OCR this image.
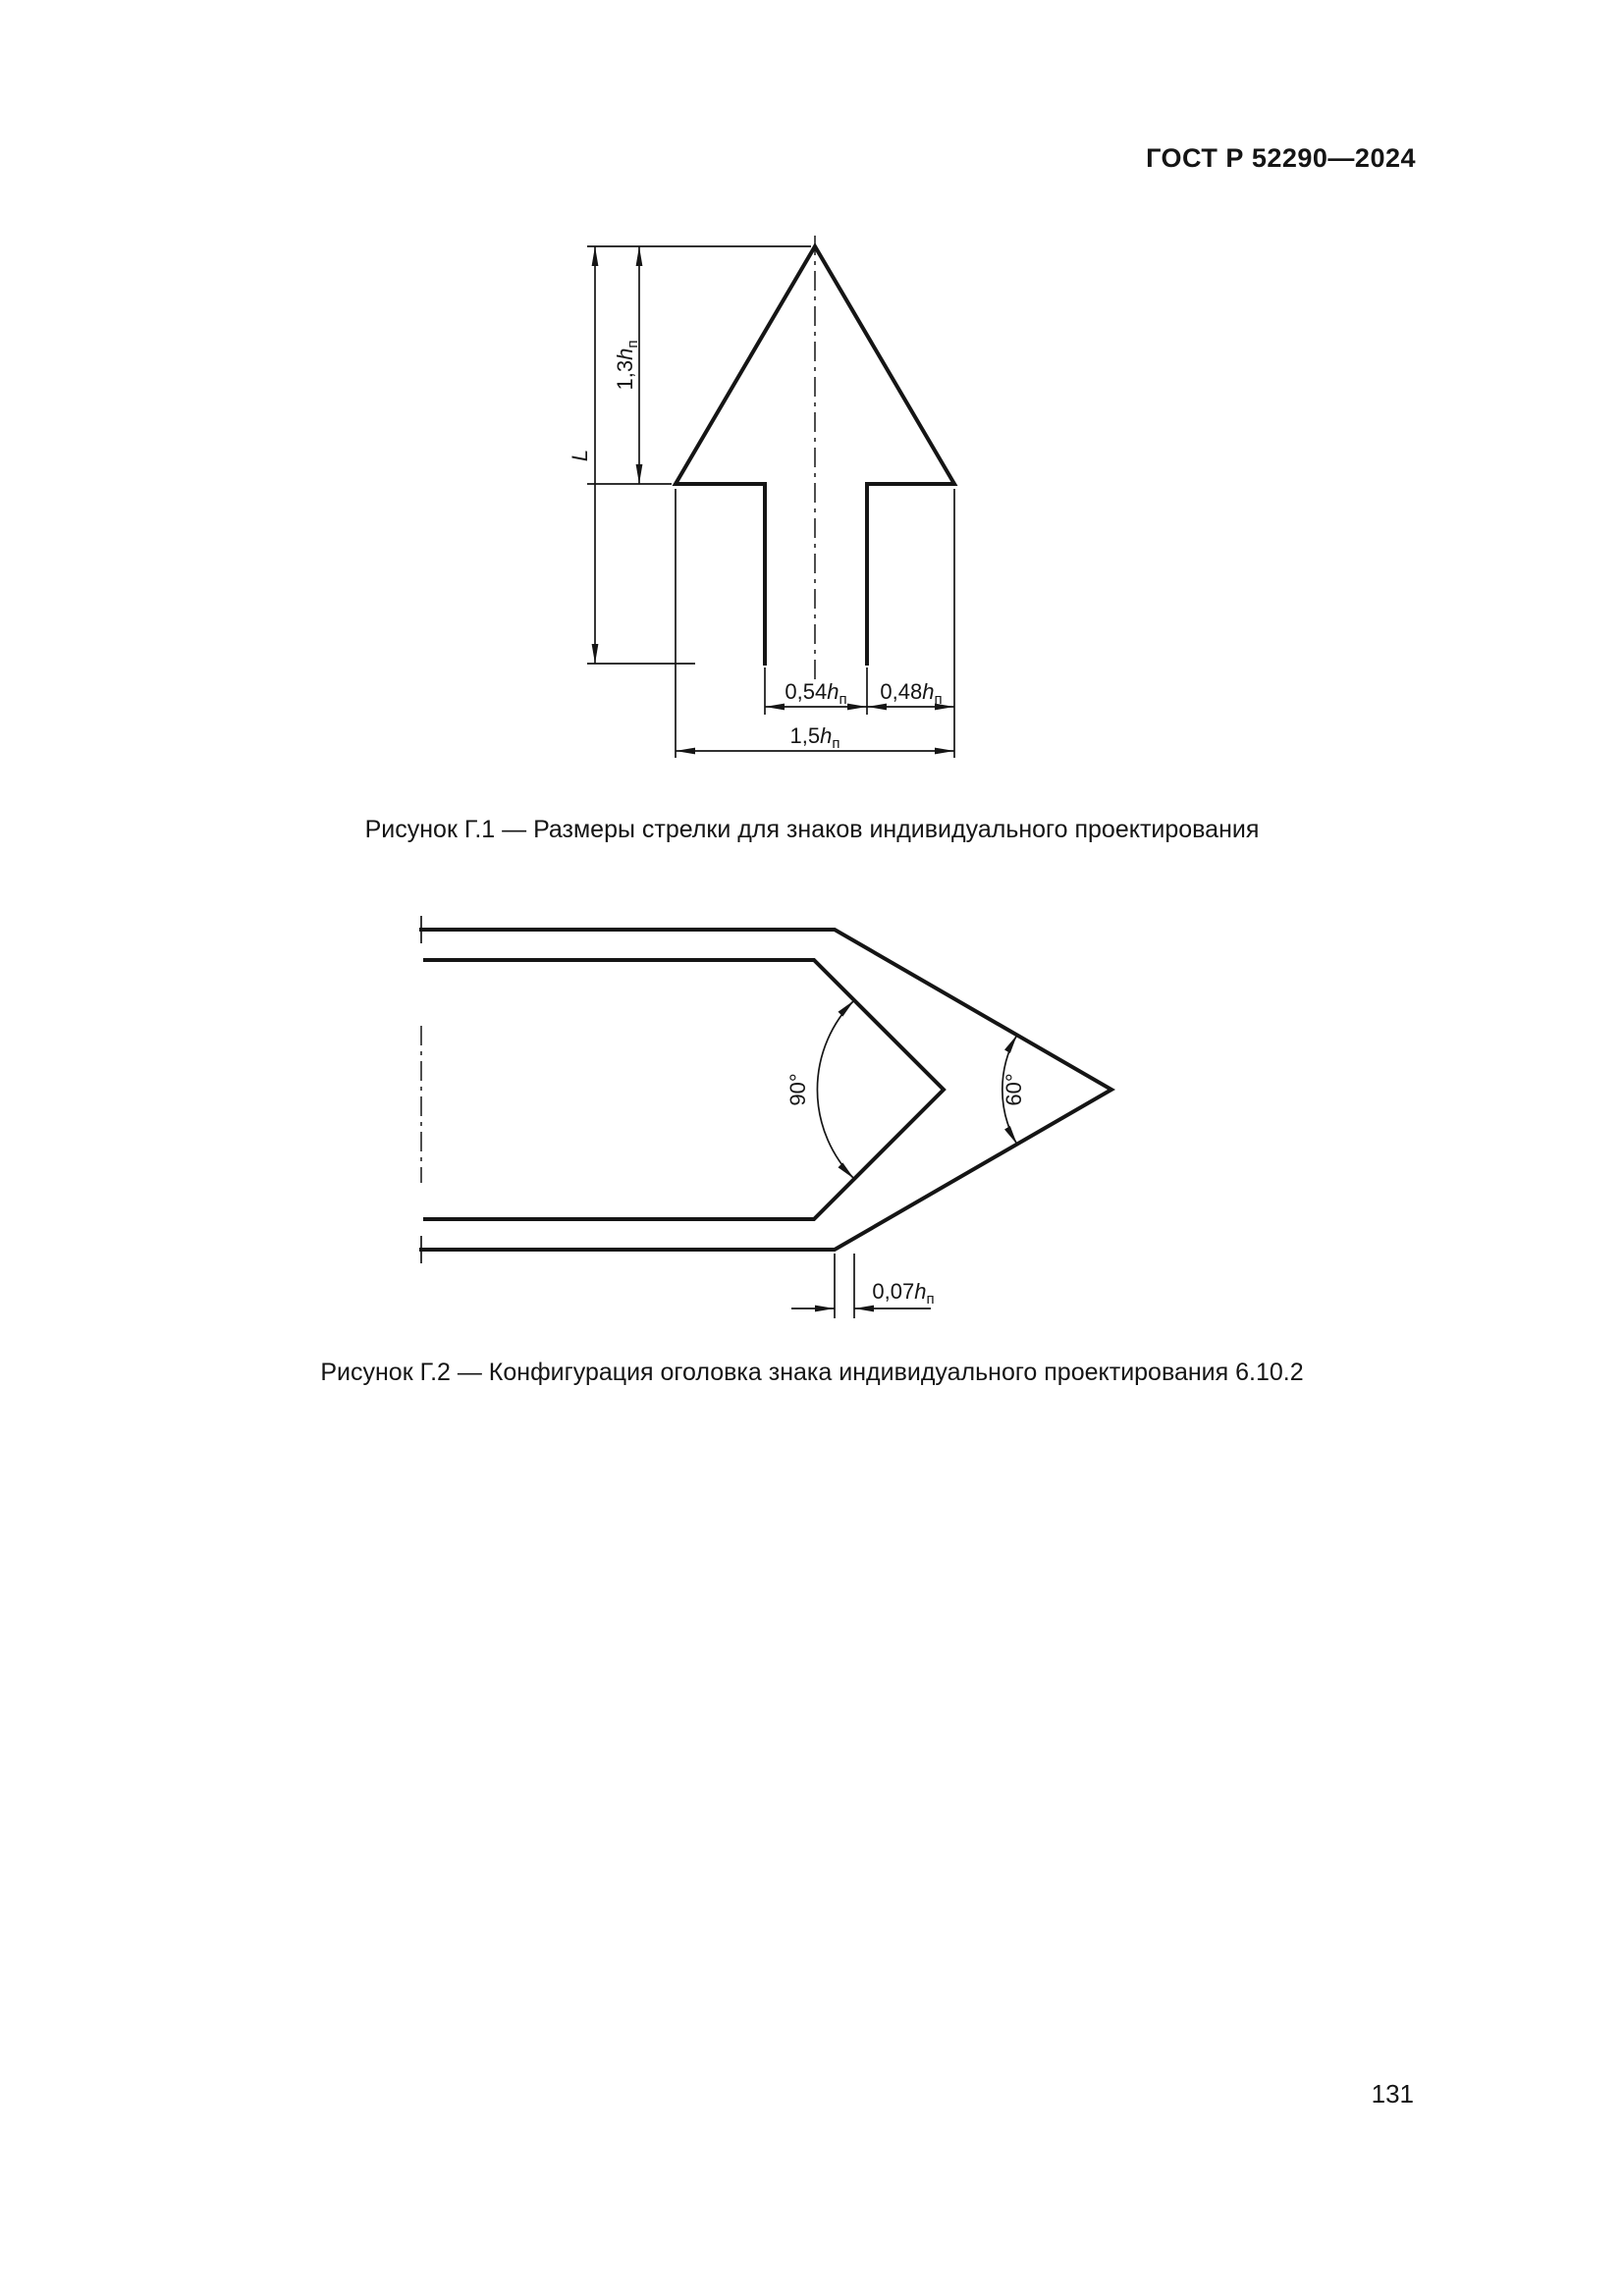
ГОСТ Р 52290—2024
L
$1,3h_п$
$0,54h_п$ $0,48h_п$
$1,5h_п$
Рисунок Г.1 — Размеры стрелки для знаков индивидуального проектирования
90°	60°
$0,07h_п$
Рисунок Г.2 — Конфигурация оголовка знака индивидуального проектирования 6.10.2
131
